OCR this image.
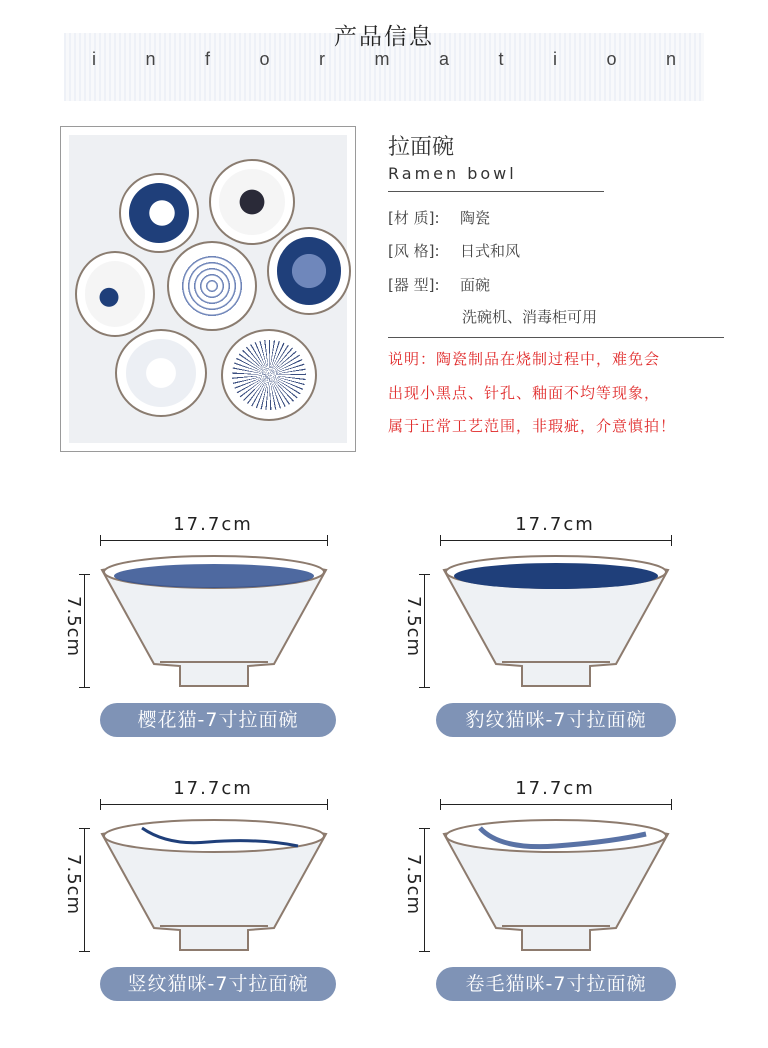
产品信息
i	n	f	o	r	m	a	t	i	o	n
拉面碗
Ramen bowl
[材 质]: 陶瓷
[风 格]: 日式和风
[器 型]: 面碗
洗碗机、消毒柜可用
说明：陶瓷制品在烧制过程中，难免会
出现小黑点、针孔、釉面不均等现象，
属于正常工艺范围，非瑕疵，介意慎拍！
17.7cm
7.5cm
樱花猫-7寸拉面碗
17.7cm
7.5cm
豹纹猫咪-7寸拉面碗
17.7cm
7.5cm
竖纹猫咪-7寸拉面碗
17.7cm
7.5cm
卷毛猫咪-7寸拉面碗
